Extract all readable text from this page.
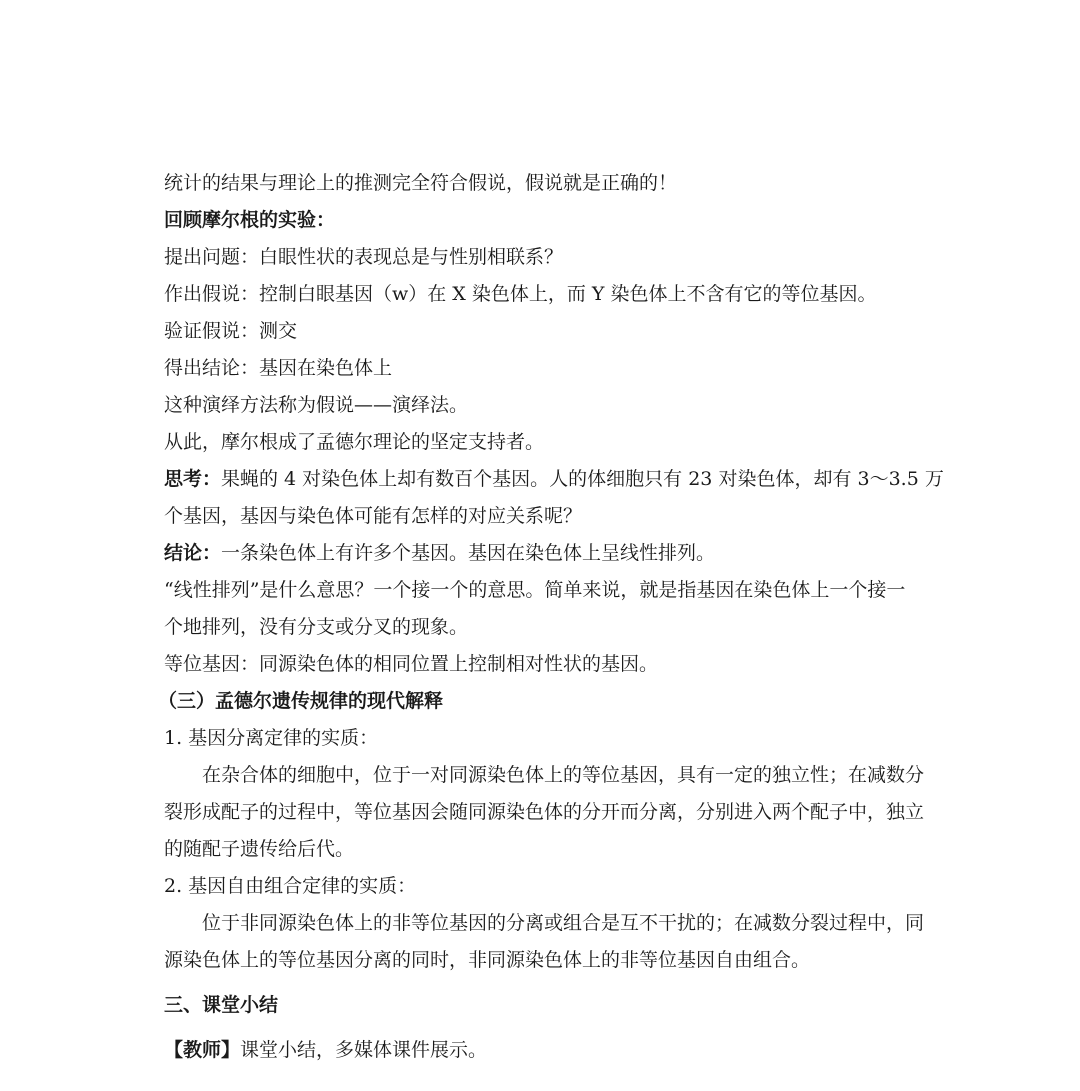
统计的结果与理论上的推测完全符合假说，假说就是正确的！

回顾摩尔根的实验：

提出问题：白眼性状的表现总是与性别相联系？

作出假说：控制白眼基因（w）在 X 染色体上，而 Y 染色体上不含有它的等位基因。

验证假说：测交

得出结论：基因在染色体上

这种演绎方法称为假说——演绎法。

从此，摩尔根成了孟德尔理论的坚定支持者。

思考：果蝇的 4 对染色体上却有数百个基因。人的体细胞只有 23 对染色体，却有 3～3.5 万

个基因，基因与染色体可能有怎样的对应关系呢？

结论：一条染色体上有许多个基因。基因在染色体上呈线性排列。

“线性排列”是什么意思？一个接一个的意思。简单来说，就是指基因在染色体上一个接一

个地排列，没有分支或分叉的现象。

等位基因：同源染色体的相同位置上控制相对性状的基因。

（三）孟德尔遗传规律的现代解释

1. 基因分离定律的实质：

在杂合体的细胞中，位于一对同源染色体上的等位基因，具有一定的独立性；在减数分

裂形成配子的过程中，等位基因会随同源染色体的分开而分离，分别进入两个配子中，独立

的随配子遗传给后代。

2. 基因自由组合定律的实质：

位于非同源染色体上的非等位基因的分离或组合是互不干扰的；在减数分裂过程中，同

源染色体上的等位基因分离的同时，非同源染色体上的非等位基因自由组合。

三、课堂小结

【教师】课堂小结，多媒体课件展示。
